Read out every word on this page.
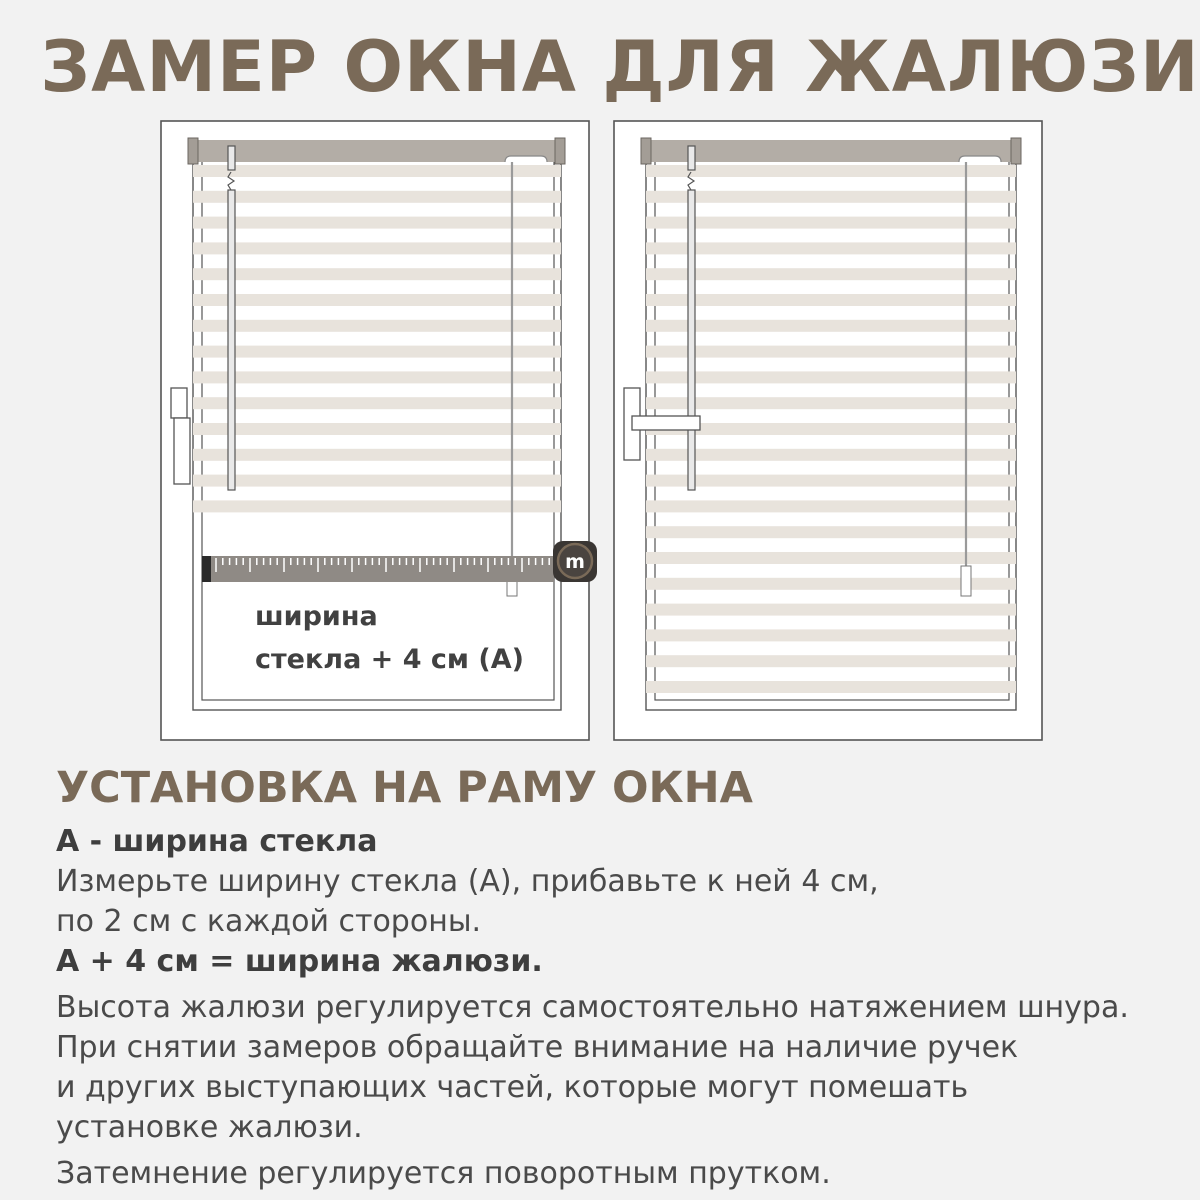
ЗАМЕР ОКНА ДЛЯ ЖАЛЮЗИ
m
ширина
стекла + 4 см (А)
УСТАНОВКА НА РАМУ ОКНА

А - ширина стекла

Измерьте ширину стекла (А), прибавьте к ней 4 см,

по 2 см с каждой стороны.

А + 4 см = ширина жалюзи.

Высота жалюзи регулируется самостоятельно натяжением шнура.

При снятии замеров обращайте внимание на наличие ручек

и других выступающих частей, которые могут помешать

установке жалюзи.

Затемнение регулируется поворотным прутком.
